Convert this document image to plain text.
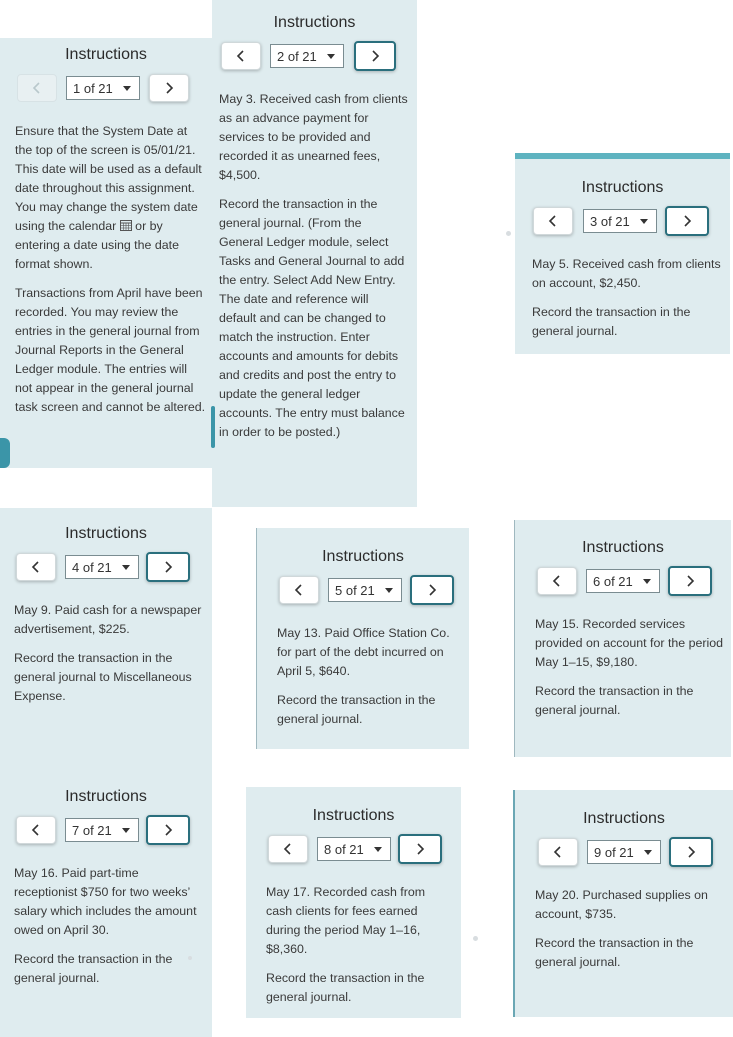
Instructions
1 of 21

Ensure that the System Date at the top of the screen is 05/01/21. This date will be used as a default date throughout this assignment. You may change the system date using the calendar or by entering a date using the date format shown.

Transactions from April have been recorded. You may review the entries in the general journal from Journal Reports in the General Ledger module. The entries will not appear in the general journal task screen and cannot be altered.

Instructions
2 of 21

May 3. Received cash from clients as an advance payment for services to be provided and recorded it as unearned fees, $4,500.

Record the transaction in the general journal. (From the General Ledger module, select Tasks and General Journal to add the entry. Select Add New Entry. The date and reference will default and can be changed to match the instruction. Enter accounts and amounts for debits and credits and post the entry to update the general ledger accounts. The entry must balance in order to be posted.)

Instructions
3 of 21

May 5. Received cash from clients on account, $2,450.

Record the transaction in the general journal.

Instructions
4 of 21

May 9. Paid cash for a newspaper advertisement, $225.

Record the transaction in the general journal to Miscellaneous Expense.

Instructions
5 of 21

May 13. Paid Office Station Co. for part of the debt incurred on April 5, $640.

Record the transaction in the general journal.

Instructions
6 of 21

May 15. Recorded services provided on account for the period May 1–15, $9,180.

Record the transaction in the general journal.

Instructions
7 of 21

May 16. Paid part-time receptionist $750 for two weeks’ salary which includes the amount owed on April 30.

Record the transaction in the general journal.

Instructions
8 of 21

May 17. Recorded cash from cash clients for fees earned during the period May 1–16, $8,360.

Record the transaction in the general journal.

Instructions
9 of 21

May 20. Purchased supplies on account, $735.

Record the transaction in the general journal.
